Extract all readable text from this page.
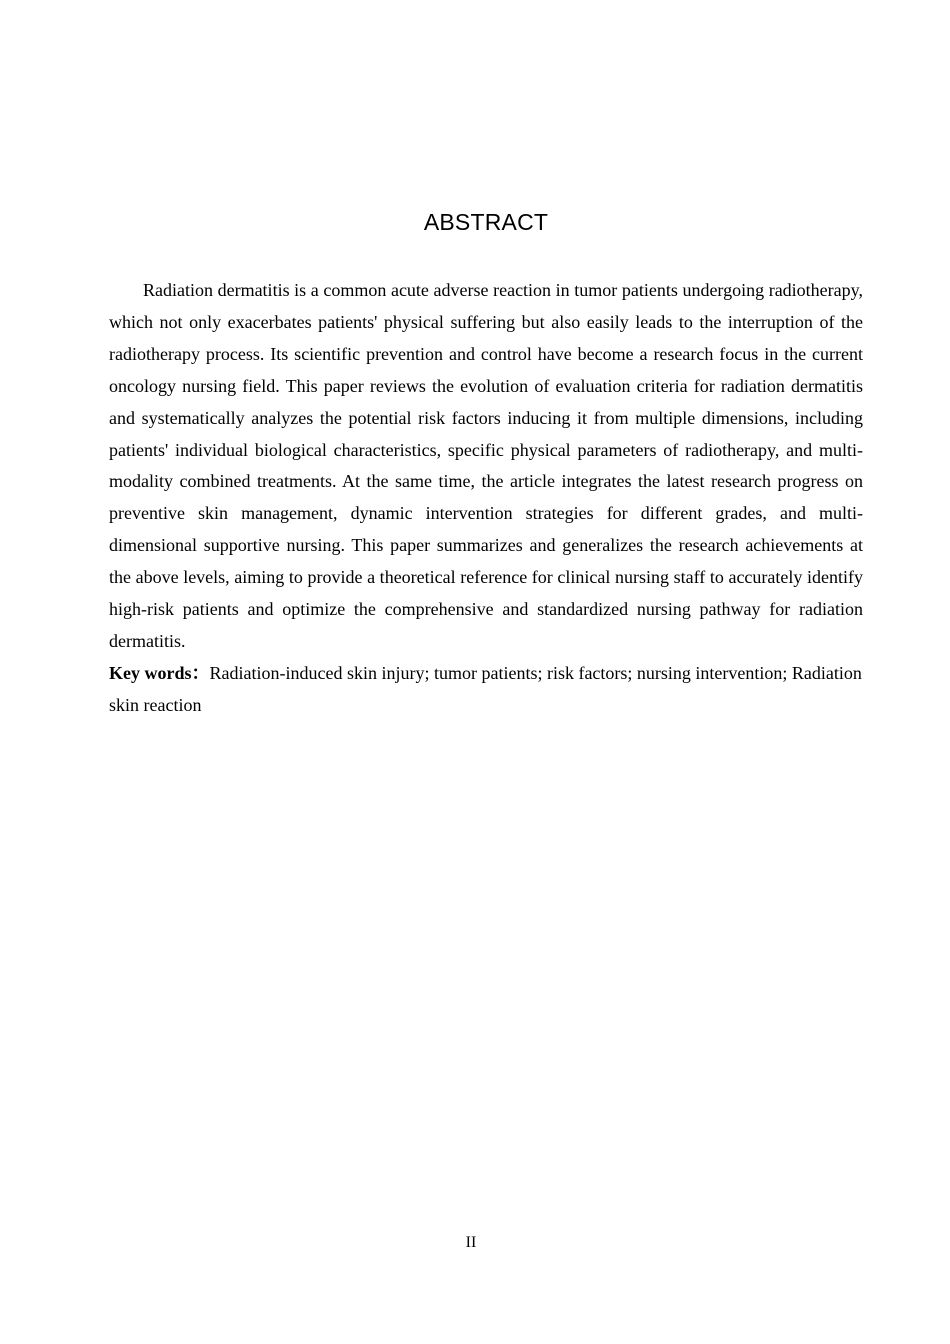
ABSTRACT

Radiation dermatitis is a common acute adverse reaction in tumor patients undergoing radiotherapy, which not only exacerbates patients' physical suffering but also easily leads to the interruption of the radiotherapy process. Its scientific prevention and control have become a research focus in the current oncology nursing field. This paper reviews the evolution of evaluation criteria for radiation dermatitis and systematically analyzes the potential risk factors inducing it from multiple dimensions, including patients' individual biological characteristics, specific physical parameters of radiotherapy, and multi-modality combined treatments. At the same time, the article integrates the latest research progress on preventive skin management, dynamic intervention strategies for different grades, and multi-dimensional supportive nursing. This paper summarizes and generalizes the research achievements at the above levels, aiming to provide a theoretical reference for clinical nursing staff to accurately identify high-risk patients and optimize the comprehensive and standardized nursing pathway for radiation dermatitis.

Key words：Radiation-induced skin injury; tumor patients; risk factors; nursing intervention; Radiation skin reaction

II
